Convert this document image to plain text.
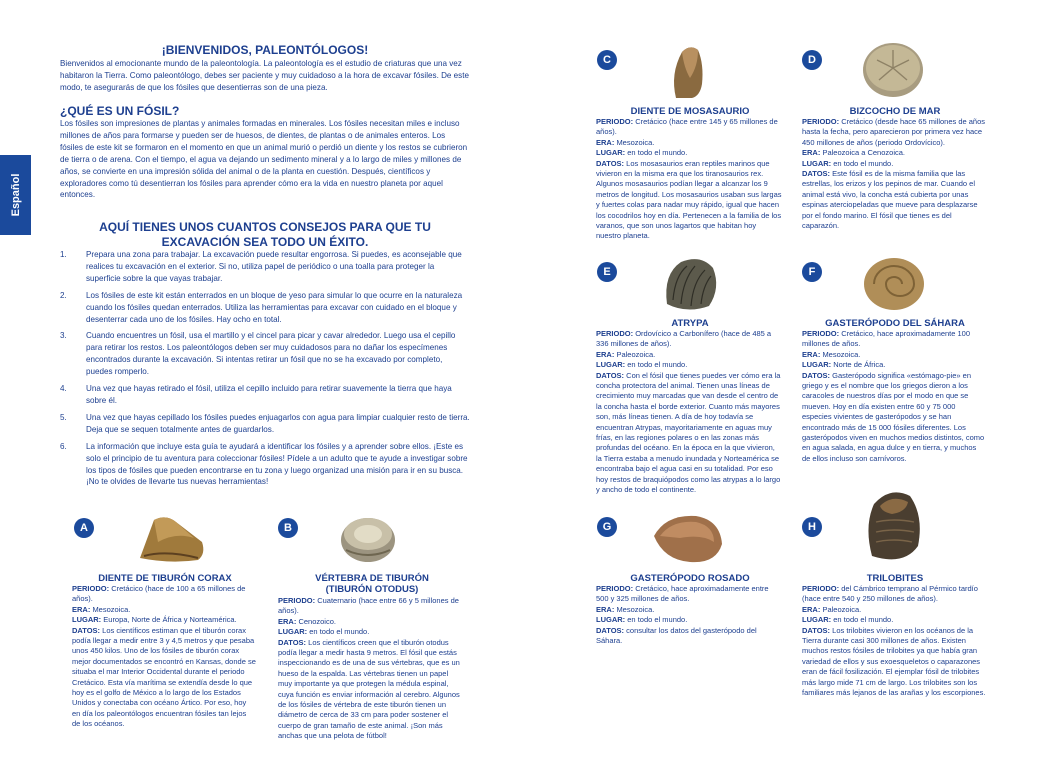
Español
¡BIENVENIDOS, PALEONTÓLOGOS!
Bienvenidos al emocionante mundo de la paleontología. La paleontología es el estudio de criaturas que una vez habitaron la Tierra. Como paleontólogo, debes ser paciente y muy cuidadoso a la hora de excavar fósiles. De este modo, te asegurarás de que los fósiles que desentierras son de una pieza.
¿QUÉ ES UN FÓSIL?
Los fósiles son impresiones de plantas y animales formadas en minerales. Los fósiles necesitan miles e incluso millones de años para formarse y pueden ser de huesos, de dientes, de plantas o de animales enteros. Los fósiles de este kit se formaron en el momento en que un animal murió o perdió un diente y los restos se cubrieron de tierra o de arena. Con el tiempo, el agua va dejando un sedimento mineral y a lo largo de miles y millones de años, se convierte en una impresión sólida del animal o de la planta en cuestión. Después, científicos y exploradores como tú desentierran los fósiles para aprender cómo era la vida en nuestro planeta por aquel entonces.
AQUÍ TIENES UNOS CUANTOS CONSEJOS PARA QUE TU
EXCAVACIÓN SEA TODO UN ÉXITO.
1. Prepara una zona para trabajar. La excavación puede resultar engorrosa. Si puedes, es aconsejable que realices tu excavación en el exterior. Si no, utiliza papel de periódico o una toalla para proteger la superficie sobre la que vayas trabajar.
2. Los fósiles de este kit están enterrados en un bloque de yeso para simular lo que ocurre en la naturaleza cuando los fósiles quedan enterrados. Utiliza las herramientas para excavar con cuidado en el bloque y desenterrar cada uno de los fósiles. Hay ocho en total.
3. Cuando encuentres un fósil, usa el martillo y el cincel para picar y cavar alrededor. Luego usa el cepillo para retirar los restos. Los paleontólogos deben ser muy cuidadosos para no dañar los especímenes encontrados durante la excavación. Si intentas retirar un fósil que no se ha excavado por completo, puedes romperlo.
4. Una vez que hayas retirado el fósil, utiliza el cepillo incluido para retirar suavemente la tierra que haya sobre él.
5. Una vez que hayas cepillado los fósiles puedes enjuagarlos con agua para limpiar cualquier resto de tierra. Deja que se sequen totalmente antes de guardarlos.
6. La información que incluye esta guía te ayudará a identificar los fósiles y a aprender sobre ellos. ¡Este es solo el principio de tu aventura para coleccionar fósiles! Pídele a un adulto que te ayude a investigar sobre los tipos de fósiles que pueden encontrarse en tu zona y luego organizad una misión para ir en su busca. ¡No te olvides de llevarte tus nuevas herramientas!
A
DIENTE DE TIBURÓN CORAX

PERIODO: Cretácico (hace de 100 a 65 millones de años).

ERA: Mesozoica.

LUGAR: Europa, Norte de África y Norteamérica.

DATOS: Los científicos estiman que el tiburón corax podía llegar a medir entre 3 y 4,5 metros y que pesaba unos 450 kilos. Uno de los fósiles de tiburón corax mejor documentados se encontró en Kansas, donde se situaba el mar Interior Occidental durante el periodo Cretácico. Esta vía marítima se extendía desde lo que hoy es el golfo de México a lo largo de los Estados Unidos y conectaba con océano Ártico. Por eso, hoy en día los paleontólogos encuentran fósiles tan lejos de los océanos.

B
VÉRTEBRA DE TIBURÓN
(TIBURÓN OTODUS)

PERIODO: Cuaternario (hace entre 66 y 5 millones de años).

ERA: Cenozoico.

LUGAR: en todo el mundo.

DATOS: Los científicos creen que el tiburón otodus podía llegar a medir hasta 9 metros. El fósil que estás inspeccionando es de una de sus vértebras, que es un hueso de la espalda. Las vértebras tienen un papel muy importante ya que protegen la médula espinal, cuya función es enviar información al cerebro. Algunos de los fósiles de vértebra de este tiburón tienen un diámetro de cerca de 33 cm para poder sostener el cuerpo de gran tamaño de este animal. ¡Son más anchas que una pelota de fútbol!

C
DIENTE DE MOSASAURIO

PERIODO: Cretácico (hace entre 145 y 65 millones de años).

ERA: Mesozoica.

LUGAR: en todo el mundo.

DATOS: Los mosasaurios eran reptiles marinos que vivieron en la misma era que los tiranosaurios rex. Algunos mosasaurios podían llegar a alcanzar los 9 metros de longitud. Los mosasaurios usaban sus largas y fuertes colas para nadar muy rápido, igual que hacen los cocodrilos hoy en día. Pertenecen a la familia de los varanos, que son unos lagartos que habitan hoy nuestro planeta.

D
BIZCOCHO DE MAR

PERIODO: Cretácico (desde hace 65 millones de años hasta la fecha, pero aparecieron por primera vez hace 450 millones de años (periodo Ordovícico).

ERA: Paleozoica a Cenozoica.

LUGAR: en todo el mundo.

DATOS: Este fósil es de la misma familia que las estrellas, los erizos y los pepinos de mar. Cuando el animal está vivo, la concha está cubierta por unas espinas aterciopeladas que mueve para desplazarse por el fondo marino. El fósil que tienes es del caparazón.

E
ATRYPA

PERIODO: Ordovícico a Carbonífero (hace de 485 a 336 millones de años).

ERA: Paleozoica.

LUGAR: en todo el mundo.

DATOS: Con el fósil que tienes puedes ver cómo era la concha protectora del animal. Tienen unas líneas de crecimiento muy marcadas que van desde el centro de la concha hasta el borde exterior. Cuanto más mayores son, más líneas tienen. A día de hoy todavía se encuentran Atrypas, mayoritariamente en aguas muy frías, en las regiones polares o en las zonas más profundas del océano. En la época en la que vivieron, la Tierra estaba a menudo inundada y Norteamérica se encontraba bajo el agua casi en su totalidad. Por eso hoy restos de braquiópodos como las atrypas a lo largo y ancho de todo el continente.

F
GASTERÓPODO DEL SÁHARA

PERIODO: Cretácico, hace aproximadamente 100 millones de años.

ERA: Mesozoica.

LUGAR: Norte de África.

DATOS: Gasterópodo significa «estómago-pie» en griego y es el nombre que los griegos dieron a los caracoles de nuestros días por el modo en que se mueven. Hoy en día existen entre 60 y 75 000 especies vivientes de gasterópodos y se han encontrado más de 15 000 fósiles diferentes. Los gasterópodos viven en muchos medios distintos, como en agua salada, en agua dulce y en tierra, y muchos de ellos incluso son carnívoros.

G
GASTERÓPODO ROSADO

PERIODO: Cretácico, hace aproximadamente entre 500 y 325 millones de años.

ERA: Mesozoica.

LUGAR: en todo el mundo.

DATOS: consultar los datos del gasterópodo del Sáhara.

H
TRILOBITES

PERIODO: del Cámbrico temprano al Pérmico tardío (hace entre 540 y 250 millones de años).

ERA: Paleozoica.

LUGAR: en todo el mundo.

DATOS: Los trilobites vivieron en los océanos de la Tierra durante casi 300 millones de años. Existen muchos restos fósiles de trilobites ya que había gran variedad de ellos y sus exoesqueletos o caparazones eran de fácil fosilización. El ejemplar fósil de trilobites más largo mide 71 cm de largo. Los trilobites son los familiares más lejanos de las arañas y los escorpiones.
